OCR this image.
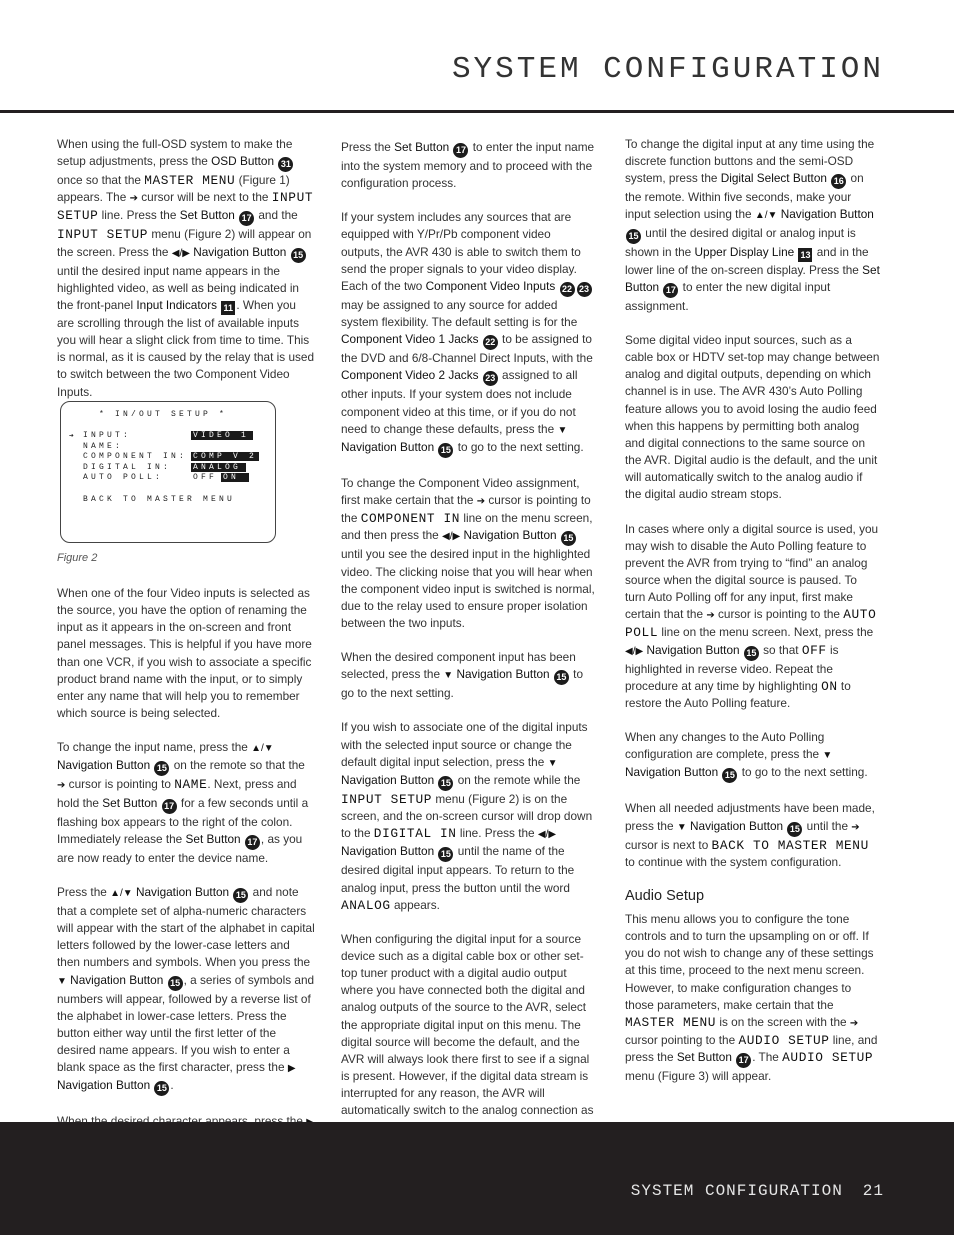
SYSTEM CONFIGURATION

When using the full-OSD system to make the setup adjustments, press the OSD Button 31 once so that the MASTER MENU (Figure 1) appears. The ➔ cursor will be next to the INPUT SETUP line. Press the Set Button 17 and the INPUT SETUP menu (Figure 2) will appear on the screen. Press the ◀/▶ Navigation Button 15 until the desired input name appears in the highlighted video, as well as being indicated in the front-panel Input Indicators 11 . When you are scrolling through the list of available inputs you will hear a slight click from time to time. This is normal, as it is caused by the relay that is used to switch between the two Component Video Inputs.

* IN/OUT SETUP *
➔ INPUT:	VIDEO 1
NAME:
COMPONENT IN: COMP V 2
DIGITAL IN:	ANALOG
AUTO POLL:	OFF ON
BACK TO MASTER MENU
Figure 2

When one of the four Video inputs is selected as the source, you have the option of renaming the input as it appears in the on-screen and front panel messages. This is helpful if you have more than one VCR, if you wish to associate a specific product brand name with the input, or to simply enter any name that will help you to remember which source is being selected.

To change the input name, press the ▲/▼
Navigation Button 15 on the remote so that the ➔ cursor is pointing to NAME. Next, press and hold the Set Button 17 for a few seconds until a flashing box appears to the right of the colon. Immediately release the Set Button 17 , as you are now ready to enter the device name.

Press the ▲/▼ Navigation Button 15 and note that a complete set of alpha-numeric characters will appear with the start of the alphabet in capital letters followed by the lower-case letters and then numbers and symbols. When you press the ▼ Navigation Button 15 , a series of symbols and numbers will appear, followed by a reverse list of the alphabet in lower-case letters. Press the button either way until the first letter of the desired name appears. If you wish to enter a blank space as the first character, press the ▶
Navigation Button 15 .

Press the Set Button 17 to enter the input name into the system memory and to proceed with the configuration process.

If your system includes any sources that are equipped with Y/Pr/Pb component video outputs, the AVR 430 is able to switch them to send the proper signals to your video display. Each of the two Component Video Inputs 22 23 may be assigned to any source for added system flexibility. The default setting is for the Component Video 1 Jacks 22 to be assigned to the DVD and 6/8-Channel Direct Inputs, with the Component Video 2 Jacks 23 assigned to all other inputs. If your system does not include component video at this time, or if you do not need to change these defaults, press the ▼ Navigation Button 15 to go to the next setting.

To change the Component Video assignment, first make certain that the ➔ cursor is pointing to the COMPONENT IN line on the menu screen, and then press the ◀/▶ Navigation Button 15 until you see the desired input in the highlighted video. The clicking noise that you will hear when the component video input is switched is normal, due to the relay used to ensure proper isolation between the two inputs.

When the desired component input has been selected, press the ▼ Navigation Button 15 to go to the next setting.

If you wish to associate one of the digital inputs with the selected input source or change the default digital input selection, press the ▼ Navigation Button 15 on the remote while the INPUT SETUP menu (Figure 2) is on the screen, and the on-screen cursor will drop down to the DIGITAL IN line. Press the ◀/▶ Navigation Button 15 until the name of the desired digital input appears. To return to the analog input, press the button until the word ANALOG appears.

When configuring the digital input for a source device such as a digital cable box or other set-top tuner product with a digital audio output where you have connected both the digital and analog outputs of the source to the AVR, select the appropriate digital input on this menu. The digital source will become the default, and the AVR will always look there first to see if a signal is present. However, if the digital data stream is interrupted for any reason, the AVR will automatically switch to the analog connection as

To change the digital input at any time using the discrete function buttons and the semi-OSD system, press the Digital Select Button 16 on the remote. Within five seconds, make your input selection using the ▲/▼ Navigation Button 15 until the desired digital or analog input is shown in the Upper Display Line 13 and in the lower line of the on-screen display. Press the Set Button 17 to enter the new digital input assignment.

Some digital video input sources, such as a cable box or HDTV set-top may change between analog and digital outputs, depending on which channel is in use. The AVR 430’s Auto Polling feature allows you to avoid losing the audio feed when this happens by permitting both analog and digital connections to the same source on the AVR. Digital audio is the default, and the unit will automatically switch to the analog audio if the digital audio stream stops.

In cases where only a digital source is used, you may wish to disable the Auto Polling feature to prevent the AVR from trying to “find” an analog source when the digital source is paused. To turn Auto Polling off for any input, first make certain that the ➔ cursor is pointing to the AUTO POLL line on the menu screen. Next, press the ◀/▶ Navigation Button 15 so that OFF is highlighted in reverse video. Repeat the procedure at any time by highlighting ON to restore the Auto Polling feature.

When any changes to the Auto Polling configuration are complete, press the ▼ Navigation Button 15 to go to the next setting.

When all needed adjustments have been made, press the ▼ Navigation Button 15 until the ➔ cursor is next to BACK TO MASTER MENU to continue with the system configuration.

Audio Setup

This menu allows you to configure the tone controls and to turn the upsampling on or off. If you do not wish to change any of these settings at this time, proceed to the next menu screen. However, to make configuration changes to those parameters, make certain that the MASTER MENU is on the screen with the ➔ cursor pointing to the AUDIO SETUP line, and press the Set Button 17 . The AUDIO SETUP menu (Figure 3) will appear.

SYSTEM CONFIGURATION 21
